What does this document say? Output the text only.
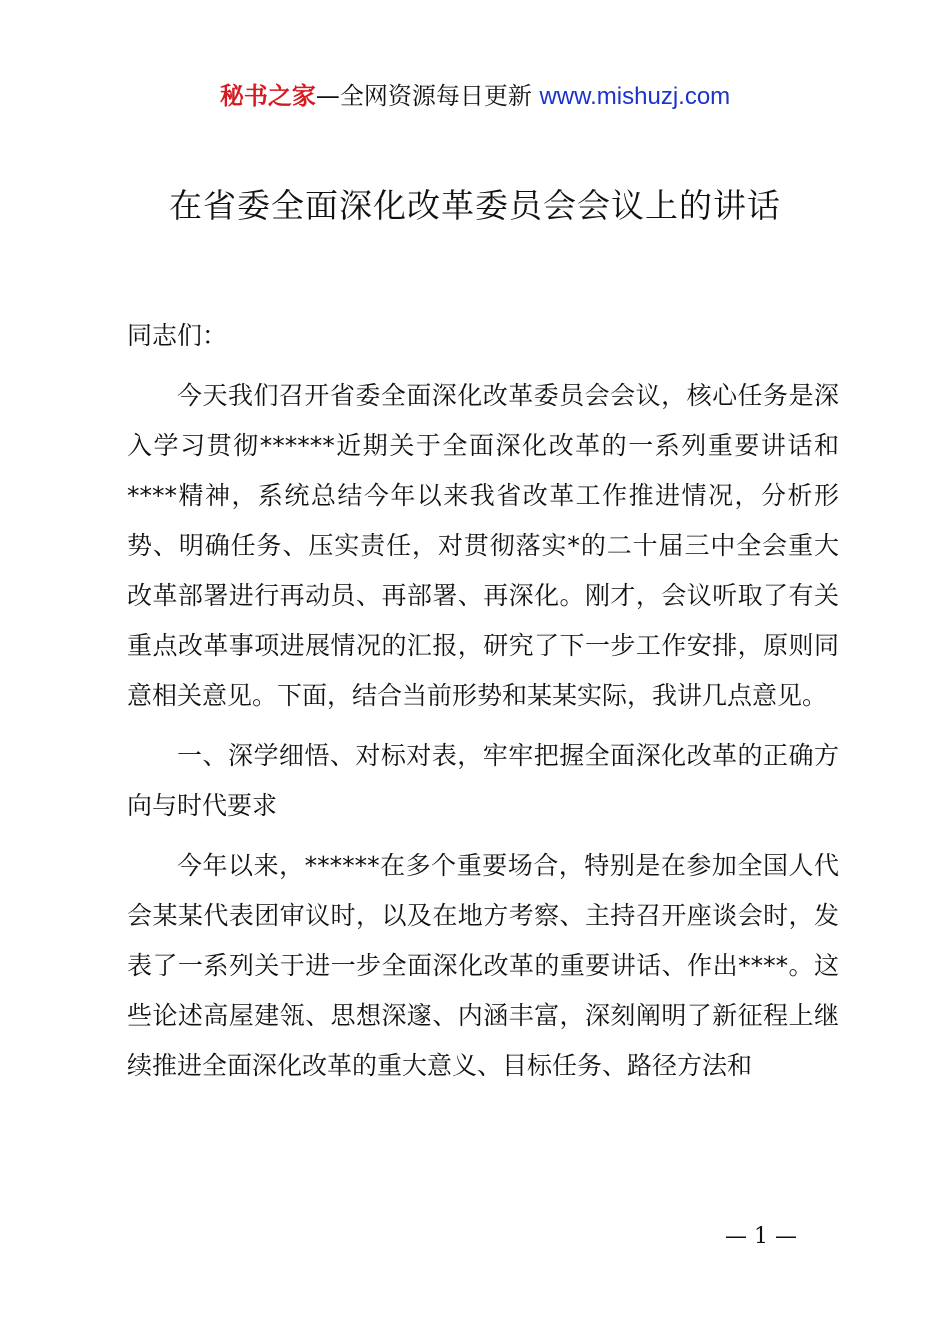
秘书之家—全网资源每日更新 www.mishuzj.com
在省委全面深化改革委员会会议上的讲话

同志们：

今天我们召开省委全面深化改革委员会会议，核心任务是深入学习贯彻******近期关于全面深化改革的一系列重要讲话和****精神，系统总结今年以来我省改革工作推进情况，分析形势、明确任务、压实责任，对贯彻落实*的二十届三中全会重大改革部署进行再动员、再部署、再深化。刚才，会议听取了有关重点改革事项进展情况的汇报，研究了下一步工作安排，原则同意相关意见。下面，结合当前形势和某某实际，我讲几点意见。

一、深学细悟、对标对表，牢牢把握全面深化改革的正确方向与时代要求

今年以来，******在多个重要场合，特别是在参加全国人代会某某代表团审议时，以及在地方考察、主持召开座谈会时，发表了一系列关于进一步全面深化改革的重要讲话、作出****。这些论述高屋建瓴、思想深邃、内涵丰富，深刻阐明了新征程上继续推进全面深化改革的重大意义、目标任务、路径方法和

— 1 —
